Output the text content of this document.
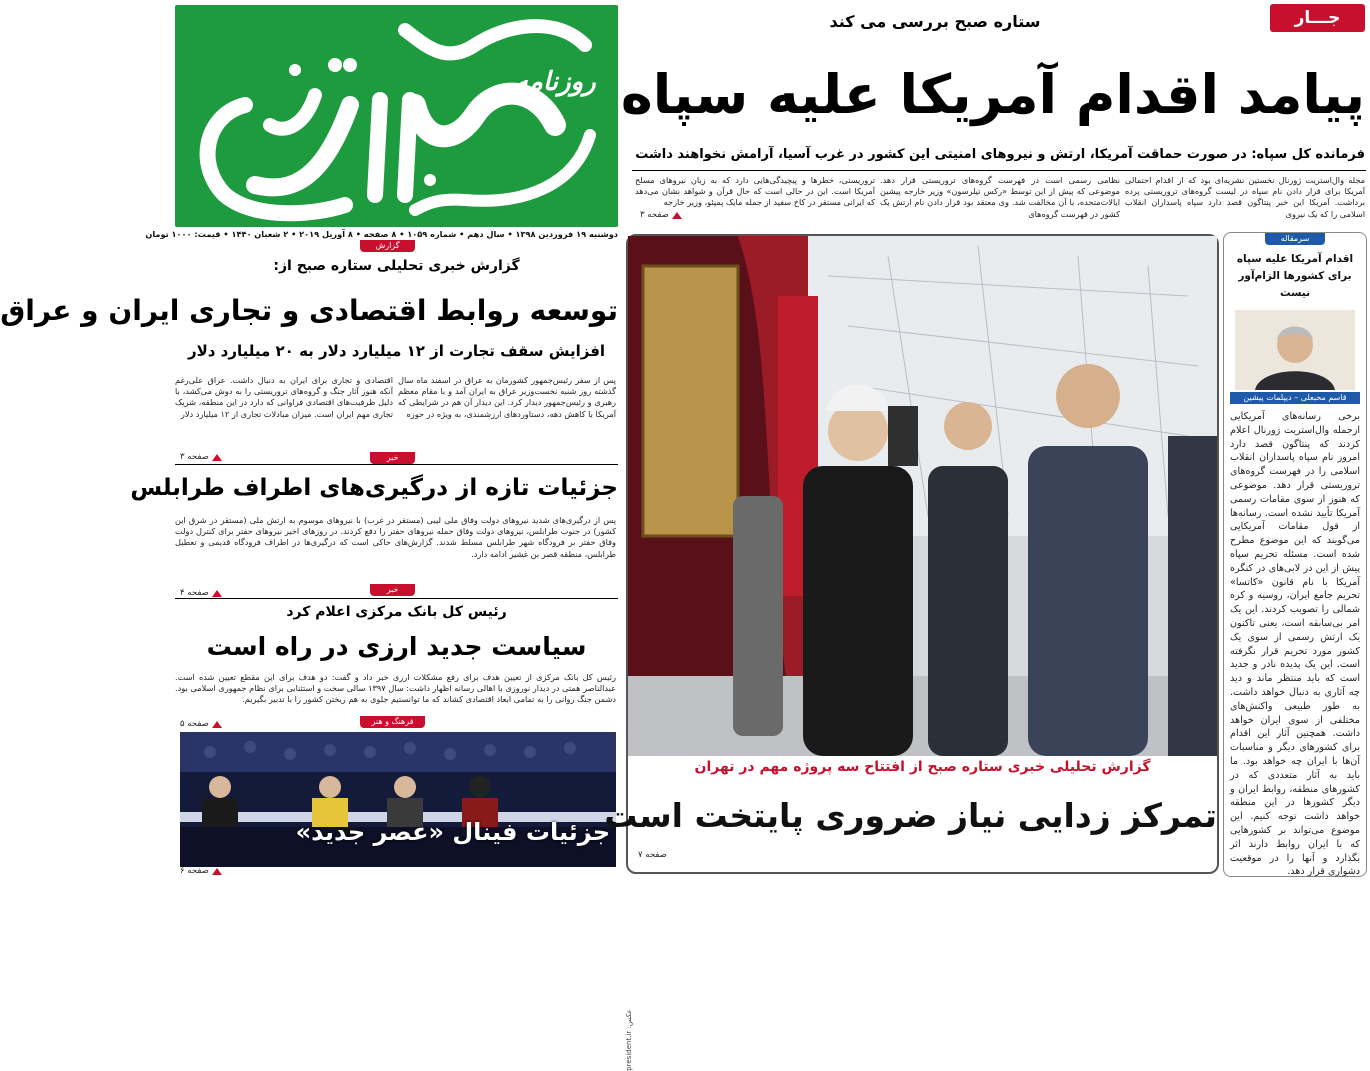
روزنامه
دوشنبه ۱۹ فروردین ۱۳۹۸ • سال دهم • شماره ۱۰۵۹ • ۸ صفحه • ۸ آوریل ۲۰۱۹ • ۲ شعبان ۱۴۴۰ • قیمت: ۱۰۰۰ تومان
جـــار
ستاره صبح بررسی می کند
پیامد اقدام آمریکا علیه سپاه
فرمانده کل سپاه: در صورت حماقت آمریکا، ارتش و نیروهای امنیتی این کشور در غرب آسیا، آرامش نخواهند داشت
مجله وال‌استریت ژورنال نخستین نشریه‌ای بود که از اقدام احتمالی آمریکا برای قرار دادن نام سپاه در لیست گروه‌های تروریستی پرده برداشت. آمریکا این خبر پنتاگون قصد دارد سپاه پاسداران انقلاب اسلامی را که یک نیروی
نظامی رسمی است در فهرست گروه‌های تروریستی قرار دهد. موضوعی که پیش از این توسط «رکس تیلرسون» وزیر خارجه پیشین ایالات‌متحده، با آن مخالفت شد. وی معتقد بود قرار دادن نام ارتش یک کشور در فهرست گروه‌های
تروریستی، خطرها و پیچیدگی‌هایی دارد که به زبان نیروهای مسلح آمریکا است. این در حالی است که حال قرآن و شواهد نشان می‌دهد که ایرانی مستقر در کاخ سفید از جمله مایک پمپئو، وزیر خارجه
صفحه ۳
گزارش
گزارش خبری تحلیلی ستاره صبح از:
توسعه روابط اقتصادی و تجاری ایران و عراق
افزایش سقف تجارت از ۱۲ میلیارد دلار به ۲۰ میلیارد دلار
پس از سفر رئیس‌جمهور کشورمان به عراق در اسفند ماه سال گذشته روز شنبه نخست‌وزیر عراق به ایران آمد و با مقام معظم رهبری و رئیس‌جمهور دیدار کرد. این دیدار آن هم در شرایطی که آمریکا با کاهش دهه، دستاوردهای ارزشمندی، به ویژه در حوزه
اقتصادی و تجاری برای ایران به دنبال داشت. عراق علی‌رغم آنکه هنوز آثار جنگ و گروه‌های تروریستی را به دوش می‌کشد، با دلیل ظرفیت‌های اقتصادی فراوانی که دارد در این منطقه، شریک تجاری مهم ایران است. میزان مبادلات تجاری از ۱۲ میلیارد دلار
صفحه ۳	خبر
جزئیات تازه از درگیری‌های اطراف طرابلس
پس از درگیری‌های شدید نیروهای دولت وفاق ملی لیبی (مستقر در غرب) با نیروهای موسوم به ارتش ملی (مستقر در شرق این کشور) در جنوب طرابلس، نیروهای دولت وفاق حمله نیروهای حفتر را دفع کردند. در روزهای اخیر نیروهای حفتر برای کنترل دولت وفاق حفتر بر فرودگاه شهر طرابلس مسلط شدند. گزارش‌های حاکی است که درگیری‌ها در اطراف فرودگاه قدیمی و تعطیل طرابلس، منطقه قصر بن غشیر ادامه دارد.
صفحه ۴	خبر
رئیس کل بانک مرکزی اعلام کرد
سیاست جدید ارزی در راه است
رئیس کل بانک مرکزی از تعیین هدف برای رفع مشکلات ارزی خبر داد و گفت: دو هدف برای این مقطع تعیین شده است. عبدالناصر همتی در دیدار نوروزی با اهالی رسانه اظهار داشت: سال ۱۳۹۷ سالی سخت و استثنایی برای نظام جمهوری اسلامی بود. دشمن جنگ روانی را به تمامی ابعاد اقتصادی کشاند که ما توانستیم جلوی به هم ریختن کشور را با تدبیر بگیریم.
صفحه ۵	فرهنگ و هنر
جزئیات فینال «عصر جدید»
صفحه ۶
گزارش تحلیلی خبری ستاره صبح از افتتاح سه پروژه مهم در تهران
تمرکز زدایی نیاز ضروری پایتخت است
صفحه ۷
عکس: president.ir
سرمقاله
اقدام آمریکا علیه سپاه برای کشورها الزام‌آور نیست
قاسم محبعلی – دیپلمات پیشین
برخی رسانه‌های آمریکایی ازجمله وال‌استریت ژورنال اعلام کردند که پنتاگون قصد دارد امروز نام سپاه پاسداران انقلاب اسلامی را در فهرست گروه‌های تروریستی قرار دهد. موضوعی که هنوز از سوی مقامات رسمی آمریکا تأیید نشده است. رسانه‌ها از قول مقامات آمریکایی می‌گویند که این موضوع مطرح شده است. مسئله تحریم سپاه پیش از این در لابی‌های در کنگره آمریکا با نام قانون «کاتسا» تحریم جامع ایران، روسیه و کره شمالی را تصویب کردند. این یک امر بی‌سابقه است، یعنی تاکنون یک ارتش رسمی از سوی یک کشور مورد تحریم قرار نگرفته است. این یک پدیده نادر و جدید است که باید منتظر ماند و دید چه آثاری به دنبال خواهد داشت. به طور طبیعی واکنش‌های مختلفی از سوی ایران خواهد داشت. همچنین آثار این اقدام برای کشورهای دیگر و مناسبات آن‌ها با ایران چه خواهد بود. ما باید به آثار متعددی که در کشورهای منطقه، روابط ایران و دیگر کشورها در این منطقه خواهد داشت توجه کنیم. این موضوع می‌تواند بر کشورهایی که با ایران روابط دارند اثر بگذارد و آنها را در موقعیت دشواری قرار دهد.
